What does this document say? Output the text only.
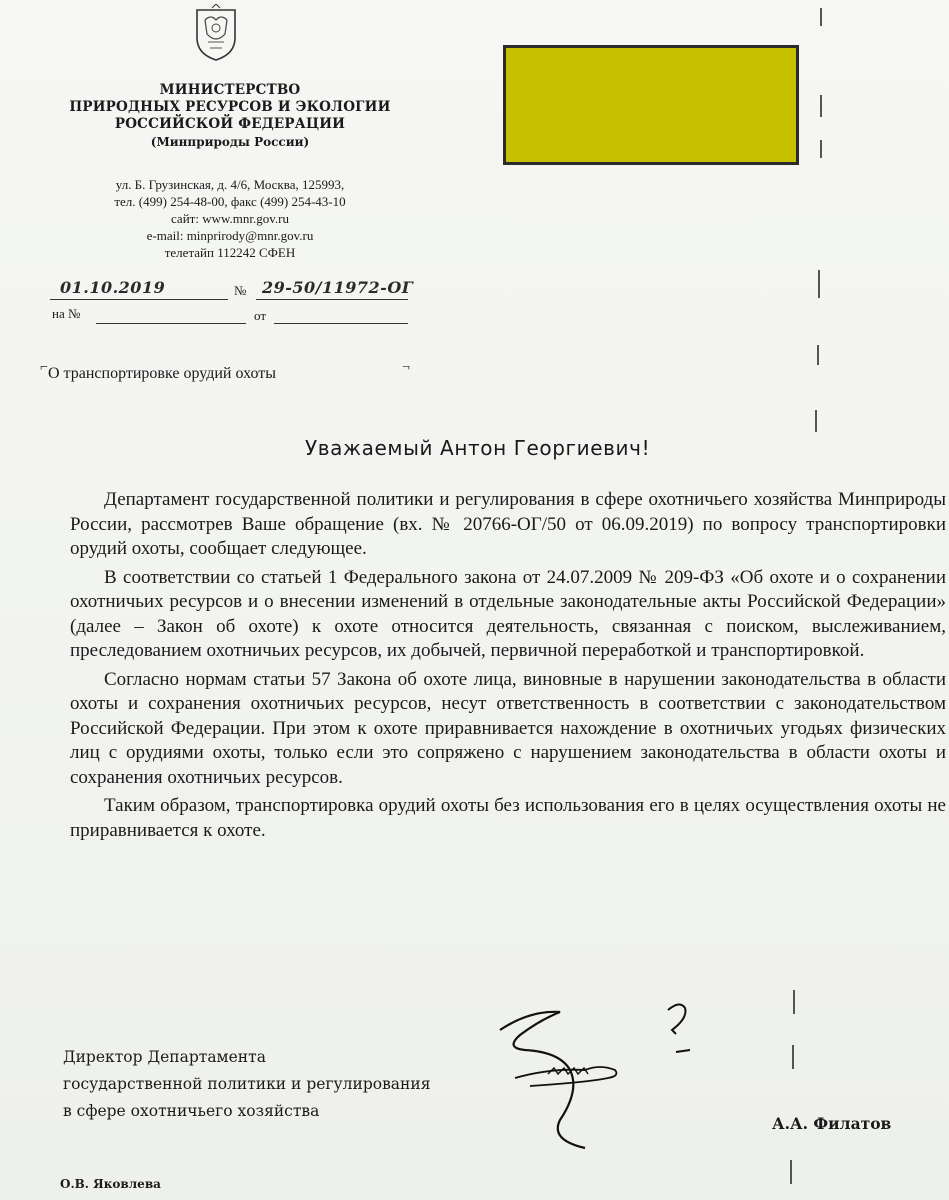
МИНИСТЕРСТВО
ПРИРОДНЫХ РЕСУРСОВ И ЭКОЛОГИИ
РОССИЙСКОЙ ФЕДЕРАЦИИ
(Минприроды России)
ул. Б. Грузинская, д. 4/6, Москва, 125993,
тел. (499) 254-48-00, факс (499) 254-43-10
сайт: www.mnr.gov.ru
e-mail: minprirody@mnr.gov.ru
телетайп 112242 СФЕН
01.10.2019	№ 29-50/11972-ОГ
на №	от
⌐ О транспортировке орудий охоты	¬
Уважаемый Антон Георгиевич!

Департамент государственной политики и регулирования в сфере охотничьего хозяйства Минприроды России, рассмотрев Ваше обращение (вх. № 20766-ОГ/50 от 06.09.2019) по вопросу транспортировки орудий охоты, сообщает следующее.

В соответствии со статьей 1 Федерального закона от 24.07.2009 № 209-ФЗ «Об охоте и о сохранении охотничьих ресурсов и о внесении изменений в отдельные законодательные акты Российской Федерации» (далее – Закон об охоте) к охоте относится деятельность, связанная с поиском, выслеживанием, преследованием охотничьих ресурсов, их добычей, первичной переработкой и транспортировкой.

Согласно нормам статьи 57 Закона об охоте лица, виновные в нарушении законодательства в области охоты и сохранения охотничьих ресурсов, несут ответственность в соответствии с законодательством Российской Федерации. При этом к охоте приравнивается нахождение в охотничьих угодьях физических лиц с орудиями охоты, только если это сопряжено с нарушением законодательства в области охоты и сохранения охотничьих ресурсов.

Таким образом, транспортировка орудий охоты без использования его в целях осуществления охоты не приравнивается к охоте.

Директор Департамента
государственной политики и регулирования
в сфере охотничьего хозяйства
А.А. Филатов
О.В. Яковлева
